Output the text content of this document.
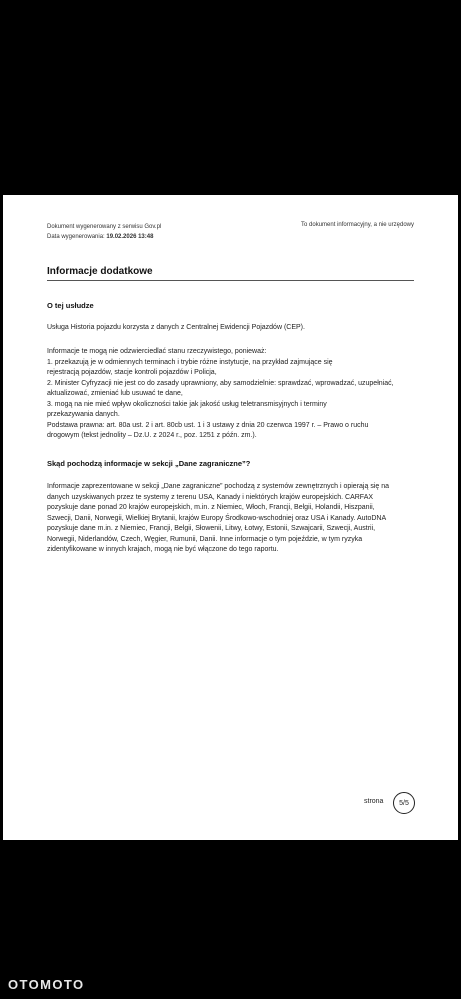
Dokument wygenerowany z serwisu Gov.pl
Data wygenerowania: 19.02.2026 13:48
To dokument informacyjny, a nie urzędowy
Informacje dodatkowe
O tej usłudze

Usługa Historia pojazdu korzysta z danych z Centralnej Ewidencji Pojazdów (CEP).

Informacje te mogą nie odzwierciedlać stanu rzeczywistego, ponieważ:

1. przekazują je w odmiennych terminach i trybie różne instytucje, na przykład zajmujące się

rejestracją pojazdów, stacje kontroli pojazdów i Policja,

2. Minister Cyfryzacji nie jest co do zasady uprawniony, aby samodzielnie: sprawdzać, wprowadzać, uzupełniać,

aktualizować, zmieniać lub usuwać te dane,

3. mogą na nie mieć wpływ okoliczności takie jak jakość usług teletransmisyjnych i terminy

przekazywania danych.

Podstawa prawna: art. 80a ust. 2 i art. 80cb ust. 1 i 3 ustawy z dnia 20 czerwca 1997 r. – Prawo o ruchu

drogowym (tekst jednolity – Dz.U. z 2024 r., poz. 1251 z późn. zm.).

Skąd pochodzą informacje w sekcji „Dane zagraniczne”?

Informacje zaprezentowane w sekcji „Dane zagraniczne” pochodzą z systemów zewnętrznych i opierają się na

danych uzyskiwanych przez te systemy z terenu USA, Kanady i niektórych krajów europejskich. CARFAX

pozyskuje dane ponad 20 krajów europejskich, m.in. z Niemiec, Włoch, Francji, Belgii, Holandii, Hiszpanii,

Szwecji, Danii, Norwegii, Wielkiej Brytanii, krajów Europy Środkowo-wschodniej oraz USA i Kanady. AutoDNA

pozyskuje dane m.in. z Niemiec, Francji, Belgii, Słowenii, Litwy, Łotwy, Estonii, Szwajcarii, Szwecji, Austrii,

Norwegii, Niderlandów, Czech, Węgier, Rumunii, Danii. Inne informacje o tym pojeździe, w tym ryzyka

zidentyfikowane w innych krajach, mogą nie być włączone do tego raportu.

strona	5/5
OTOMOTO
